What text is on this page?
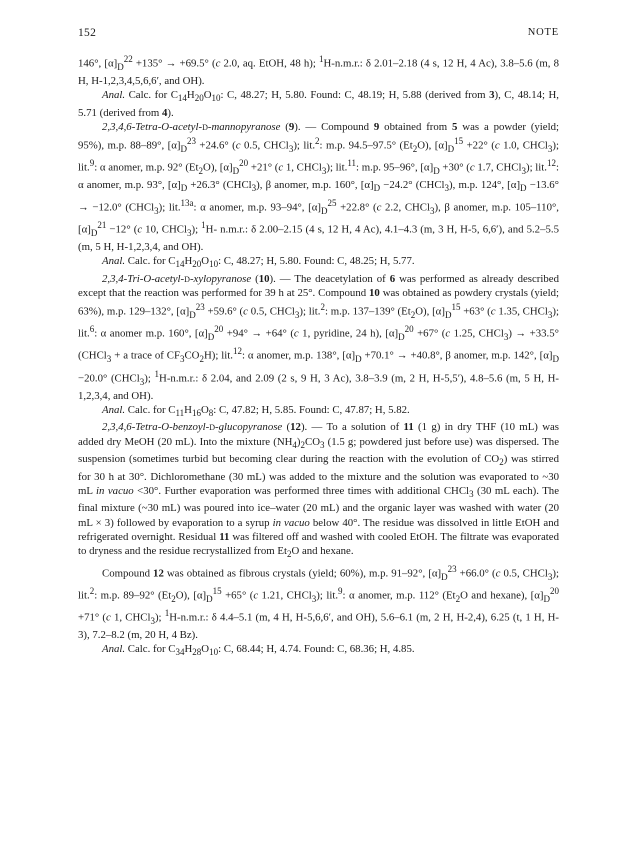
152	NOTE

146°, $[\alpha]_D^{22} +135^\circ \to +69.5^\circ$ (c 2.0, aq. EtOH, 48 h); $^1$H-n.m.r.: δ 2.01–2.18 (4 s, 12 H, 4 Ac), 3.8–5.6 (m, 8 H, H-1,2,3,4,5,6,6′, and OH).

Anal. Calc. for $C_{14}H_{20}O_{10}$: C, 48.27; H, 5.80. Found: C, 48.19; H, 5.88 (derived from 3), C, 48.14; H, 5.71 (derived from 4).

2,3,4,6-Tetra-O-acetyl-d-mannopyranose (9). — Compound 9 obtained from 5 was a powder (yield; 95%), m.p. 88–89°, $[\alpha]_D^{23} +24.6^\circ$ (c 0.5, CHCl$_3$); lit.$^2$: m.p. 94.5–97.5° $(Et_2O)$, $[\alpha]_D^{15} +22^\circ$ (c 1.0, CHCl$_3$); lit.$^9$: α anomer, m.p. 92° $(Et_2O)$, $[\alpha]_D^{20} +21^\circ$ (c 1, CHCl$_3$); lit.$^{11}$: m.p. 95–96°, $[\alpha]_D +30^\circ$ (c 1.7, CHCl$_3$); lit.$^{12}$: α anomer, m.p. 93°, $[\alpha]_D +26.3^\circ$ (CHCl$_3$), β anomer, m.p. 160°, $[\alpha]_D -24.2^\circ$ (CHCl$_3$), m.p. 124°, $[\alpha]_D -13.6^\circ \to -12.0^\circ$ (CHCl$_3$); lit.$^{13a}$: α anomer, m.p. 93–94°, $[\alpha]_D^{25} +22.8^\circ$ (c 2.2, CHCl$_3$), β anomer, m.p. 105–110°, $[\alpha]_D^{21} -12^\circ$ (c 10, CHCl$_3$); $^1$H- n.m.r.: δ 2.00–2.15 (4 s, 12 H, 4 Ac), 4.1–4.3 (m, 3 H, H-5, 6,6′), and 5.2–5.5 (m, 5 H, H-1,2,3,4, and OH).

Anal. Calc. for $C_{14}H_{20}O_{10}$: C, 48.27; H, 5.80. Found: C, 48.25; H, 5.77.

2,3,4-Tri-O-acetyl-d-xylopyranose (10). — The deacetylation of 6 was performed as already described except that the reaction was performed for 39 h at 25°. Compound 10 was obtained as powdery crystals (yield; 63%), m.p. 129–132°, $[\alpha]_D^{23} +59.6^\circ$ (c 0.5, CHCl$_3$); lit.$^2$: m.p. 137–139° $(Et_2O)$, $[\alpha]_D^{15} +63^\circ$ (c 1.35, CHCl$_3$); lit.$^6$: α anomer m.p. 160°, $[\alpha]_D^{20} +94^\circ \to +64^\circ$ (c 1, pyridine, 24 h), $[\alpha]_D^{20} +67^\circ$ (c 1.25, CHCl$_3$) → +33.5° (CHCl$_3$ + a trace of $CF_3CO_2H$); lit.$^{12}$: α anomer, m.p. 138°, $[\alpha]_D +70.1^\circ \to +40.8^\circ$, β anomer, m.p. 142°, $[\alpha]_D -20.0^\circ$ (CHCl$_3$); $^1$H-n.m.r.: δ 2.04, and 2.09 (2 s, 9 H, 3 Ac), 3.8–3.9 (m, 2 H, H-5,5′), 4.8–5.6 (m, 5 H, H-1,2,3,4, and OH).

Anal. Calc. for $C_{11}H_{16}O_8$: C, 47.82; H, 5.85. Found: C, 47.87; H, 5.82.

2,3,4,6-Tetra-O-benzoyl-d-glucopyranose (12). — To a solution of 11 (1 g) in dry THF (10 mL) was added dry MeOH (20 mL). Into the mixture $(NH_4)_2CO_3$ (1.5 g; powdered just before use) was dispersed. The suspension (sometimes turbid but becoming clear during the reaction with the evolution of $CO_2$) was stirred for 30 h at 30°. Dichloromethane (30 mL) was added to the mixture and the solution was evaporated to ~30 mL in vacuo <30°. Further evaporation was performed three times with additional CHCl$_3$ (30 mL each). The final mixture (~30 mL) was poured into ice–water (20 mL) and the organic layer was washed with water (20 mL × 3) followed by evaporation to a syrup in vacuo below 40°. The residue was dissolved in little EtOH and refrigerated overnight. Residual 11 was filtered off and washed with cooled EtOH. The filtrate was evaporated to dryness and the residue recrystallized from $Et_2O$ and hexane.

Compound 12 was obtained as fibrous crystals (yield; 60%), m.p. 91–92°, $[\alpha]_D^{23} +66.0^\circ$ (c 0.5, CHCl$_3$); lit.$^2$: m.p. 89–92° $(Et_2O)$, $[\alpha]_D^{15} +65^\circ$ (c 1.21, CHCl$_3$); lit.$^9$: α anomer, m.p. 112° ($Et_2O$ and hexane), $[\alpha]_D^{20} +71^\circ$ (c 1, CHCl$_3$); $^1$H-n.m.r.: δ 4.4–5.1 (m, 4 H, H-5,6,6′, and OH), 5.6–6.1 (m, 2 H, H-2,4), 6.25 (t, 1 H, H-3), 7.2–8.2 (m, 20 H, 4 Bz).

Anal. Calc. for $C_{34}H_{28}O_{10}$: C, 68.44; H, 4.74. Found: C, 68.36; H, 4.85.
